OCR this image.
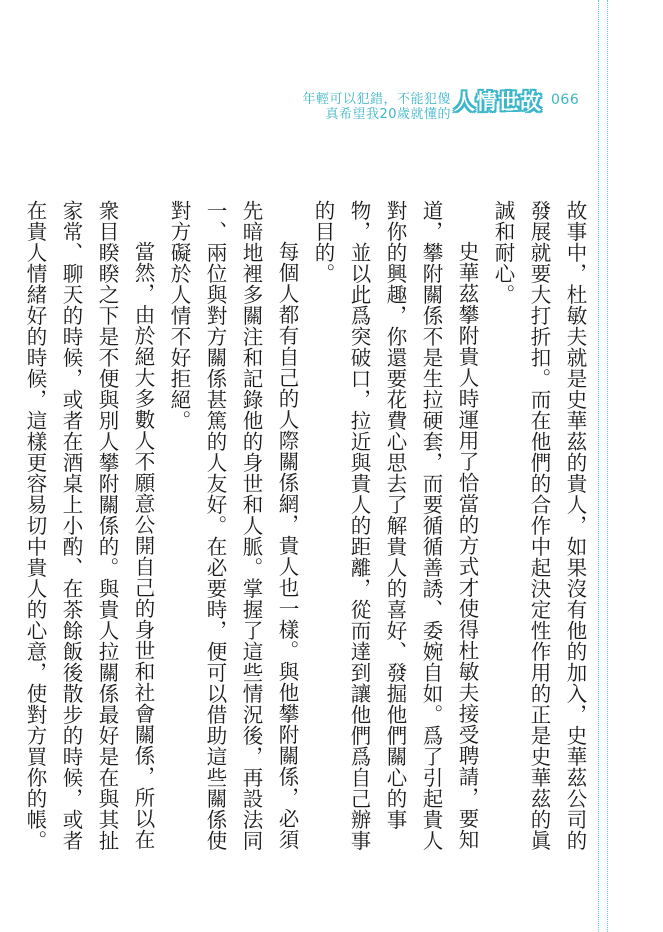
年輕可以犯錯，不能犯傻
真希望我20歲就懂的
人情世故 066

故事中，杜敏夫就是史華茲的貴人，如果沒有他的加入，史華茲公司的發展就要大打折扣。而在他們的合作中起決定性作用的正是史華茲的眞誠和耐心。

史華茲攀附貴人時運用了恰當的方式才使得杜敏夫接受聘請，要知道，攀附關係不是生拉硬套，而要循循善誘、委婉自如。爲了引起貴人對你的興趣，你還要花費心思去了解貴人的喜好、發掘他們關心的事物，並以此爲突破口，拉近與貴人的距離，從而達到讓他們爲自己辦事的目的。

每個人都有自己的人際關係網，貴人也一樣。與他攀附關係，必須先暗地裡多關注和記錄他的身世和人脈。掌握了這些情況後，再設法同一、兩位與對方關係甚篤的人友好。在必要時，便可以借助這些關係使對方礙於人情不好拒絕。

當然，由於絕大多數人不願意公開自己的身世和社會關係，所以在衆目睽睽之下是不便與別人攀附關係的。與貴人拉關係最好是在與其扯家常、聊天的時候，或者在酒桌上小酌、在茶餘飯後散步的時候，或者在貴人情緒好的時候，這樣更容易切中貴人的心意，使對方買你的帳。
